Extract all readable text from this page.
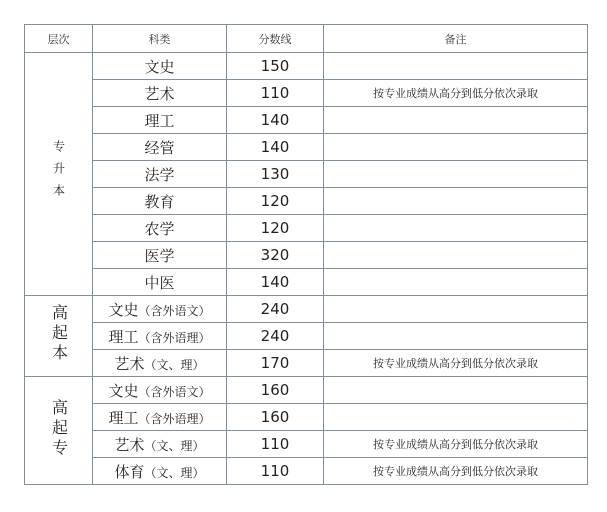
层次	科类	分数线	备注
专升本	文史	150	
	艺术	110	按专业成绩从高分到低分依次录取
	理工	140	
	经管	140	
	法学	130	
	教育	120	
	农学	120	
	医学	320	
	中医	140	
高起本	文史（含外语文）	240	
	理工（含外语理）	240	
	艺术（文、理）	170	按专业成绩从高分到低分依次录取
高起专	文史（含外语文）	160	
	理工（含外语理）	160	
	艺术（文、理）	110	按专业成绩从高分到低分依次录取
	体育（文、理）	110	按专业成绩从高分到低分依次录取
